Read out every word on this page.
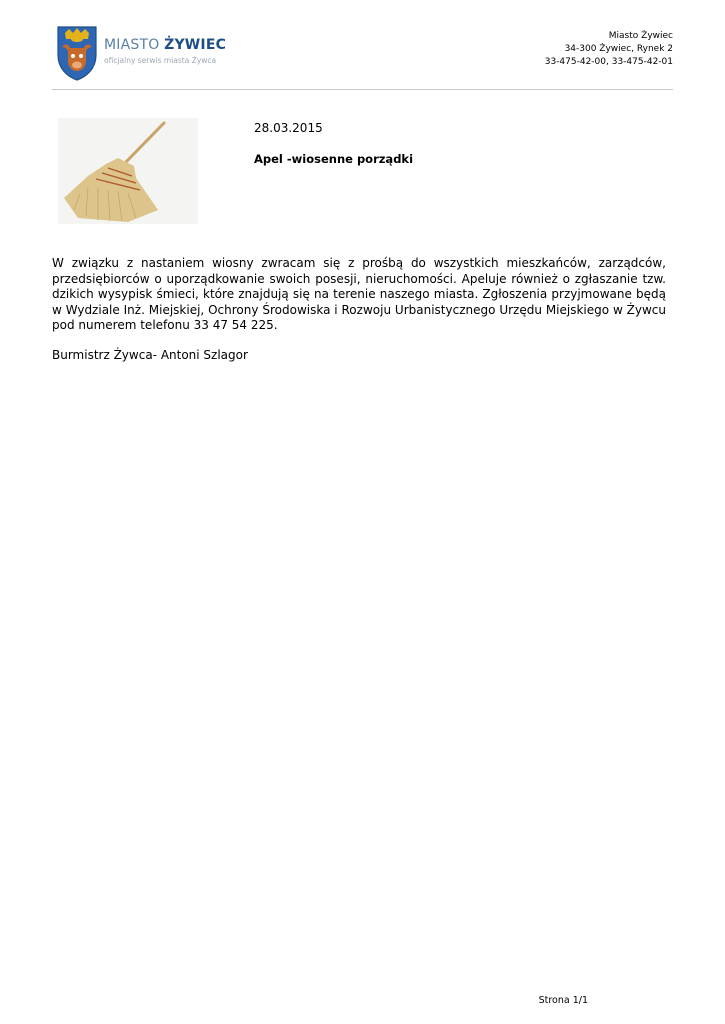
MIASTO ŻYWIEC
oficjalny serwis miasta Żywca
Miasto Żywiec
34-300 Żywiec, Rynek 2
33-475-42-00, 33-475-42-01
28.03.2015
Apel -wiosenne porządki
W związku z nastaniem wiosny zwracam się z prośbą do wszystkich mieszkańców, zarządców, przedsiębiorców o uporządkowanie swoich posesji, nieruchomości. Apeluje również o zgłaszanie tzw. dzikich wysypisk śmieci, które znajdują się na terenie naszego miasta. Zgłoszenia przyjmowane będą w Wydziale Inż. Miejskiej, Ochrony Środowiska i Rozwoju Urbanistycznego Urzędu Miejskiego w Żywcu pod numerem telefonu 33 47 54 225.
Burmistrz Żywca- Antoni Szlagor
Strona 1/1
